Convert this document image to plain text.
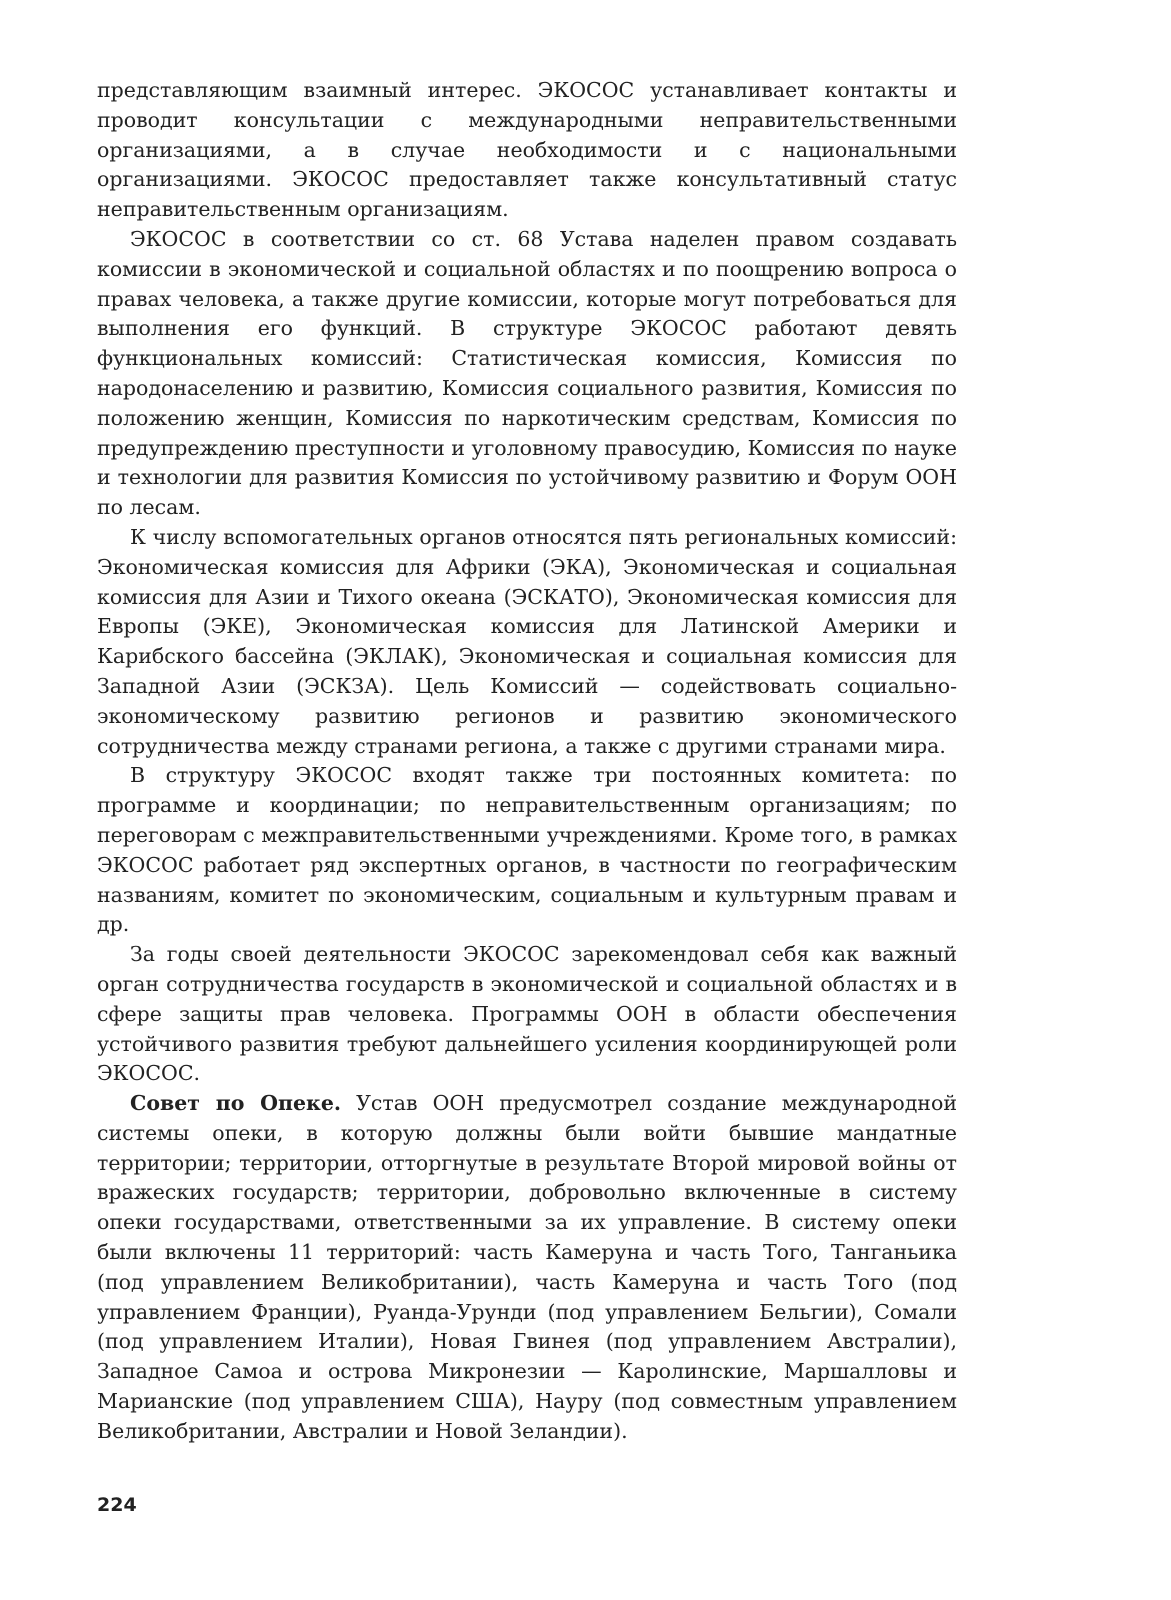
представляющим взаимный интерес. ЭКОСОС устанавливает контакты и проводит консультации с международными неправительственными организациями, а в случае необходимости и с национальными организациями. ЭКОСОС предоставляет также консультативный статус неправительственным организациям.

ЭКОСОС в соответствии со ст. 68 Устава наделен правом создавать комиссии в экономической и социальной областях и по поощрению вопроса о правах человека, а также другие комиссии, которые могут потребоваться для выполнения его функций. В структуре ЭКОСОС работают девять функциональных комиссий: Статистическая комиссия, Комиссия по народонаселению и развитию, Комиссия социального развития, Комиссия по положению женщин, Комиссия по наркотическим средствам, Комиссия по предупреждению преступности и уголовному правосудию, Комиссия по науке и технологии для развития Комиссия по устойчивому развитию и Форум ООН по лесам.

К числу вспомогательных органов относятся пять региональных комиссий: Экономическая комиссия для Африки (ЭКА), Экономическая и социальная комиссия для Азии и Тихого океана (ЭСКАТО), Экономическая комиссия для Европы (ЭКЕ), Экономическая комиссия для Латинской Америки и Карибского бассейна (ЭКЛАК), Экономическая и социальная комиссия для Западной Азии (ЭСКЗА). Цель Комиссий — содействовать социально-экономическому развитию регионов и развитию экономического сотрудничества между странами региона, а также с другими странами мира.

В структуру ЭКОСОС входят также три постоянных комитета: по программе и координации; по неправительственным организациям; по переговорам с межправительственными учреждениями. Кроме того, в рамках ЭКОСОС работает ряд экспертных органов, в частности по географическим названиям, комитет по экономическим, социальным и культурным правам и др.

За годы своей деятельности ЭКОСОС зарекомендовал себя как важный орган сотрудничества государств в экономической и социальной областях и в сфере защиты прав человека. Программы ООН в области обеспечения устойчивого развития требуют дальнейшего усиления координирующей роли ЭКОСОС.

Совет по Опеке. Устав ООН предусмотрел создание международной системы опеки, в которую должны были войти бывшие мандатные территории; территории, отторгнутые в результате Второй мировой войны от вражеских государств; территории, добровольно включенные в систему опеки государствами, ответственными за их управление. В систему опеки были включены 11 территорий: часть Камеруна и часть Того, Танганьика (под управлением Великобритании), часть Камеруна и часть Того (под управлением Франции), Руанда-Урунди (под управлением Бельгии), Сомали (под управлением Италии), Новая Гвинея (под управлением Австралии), Западное Самоа и острова Микронезии — Каролинские, Маршалловы и Марианские (под управлением США), Науру (под совместным управлением Великобритании, Австралии и Новой Зеландии).

224
